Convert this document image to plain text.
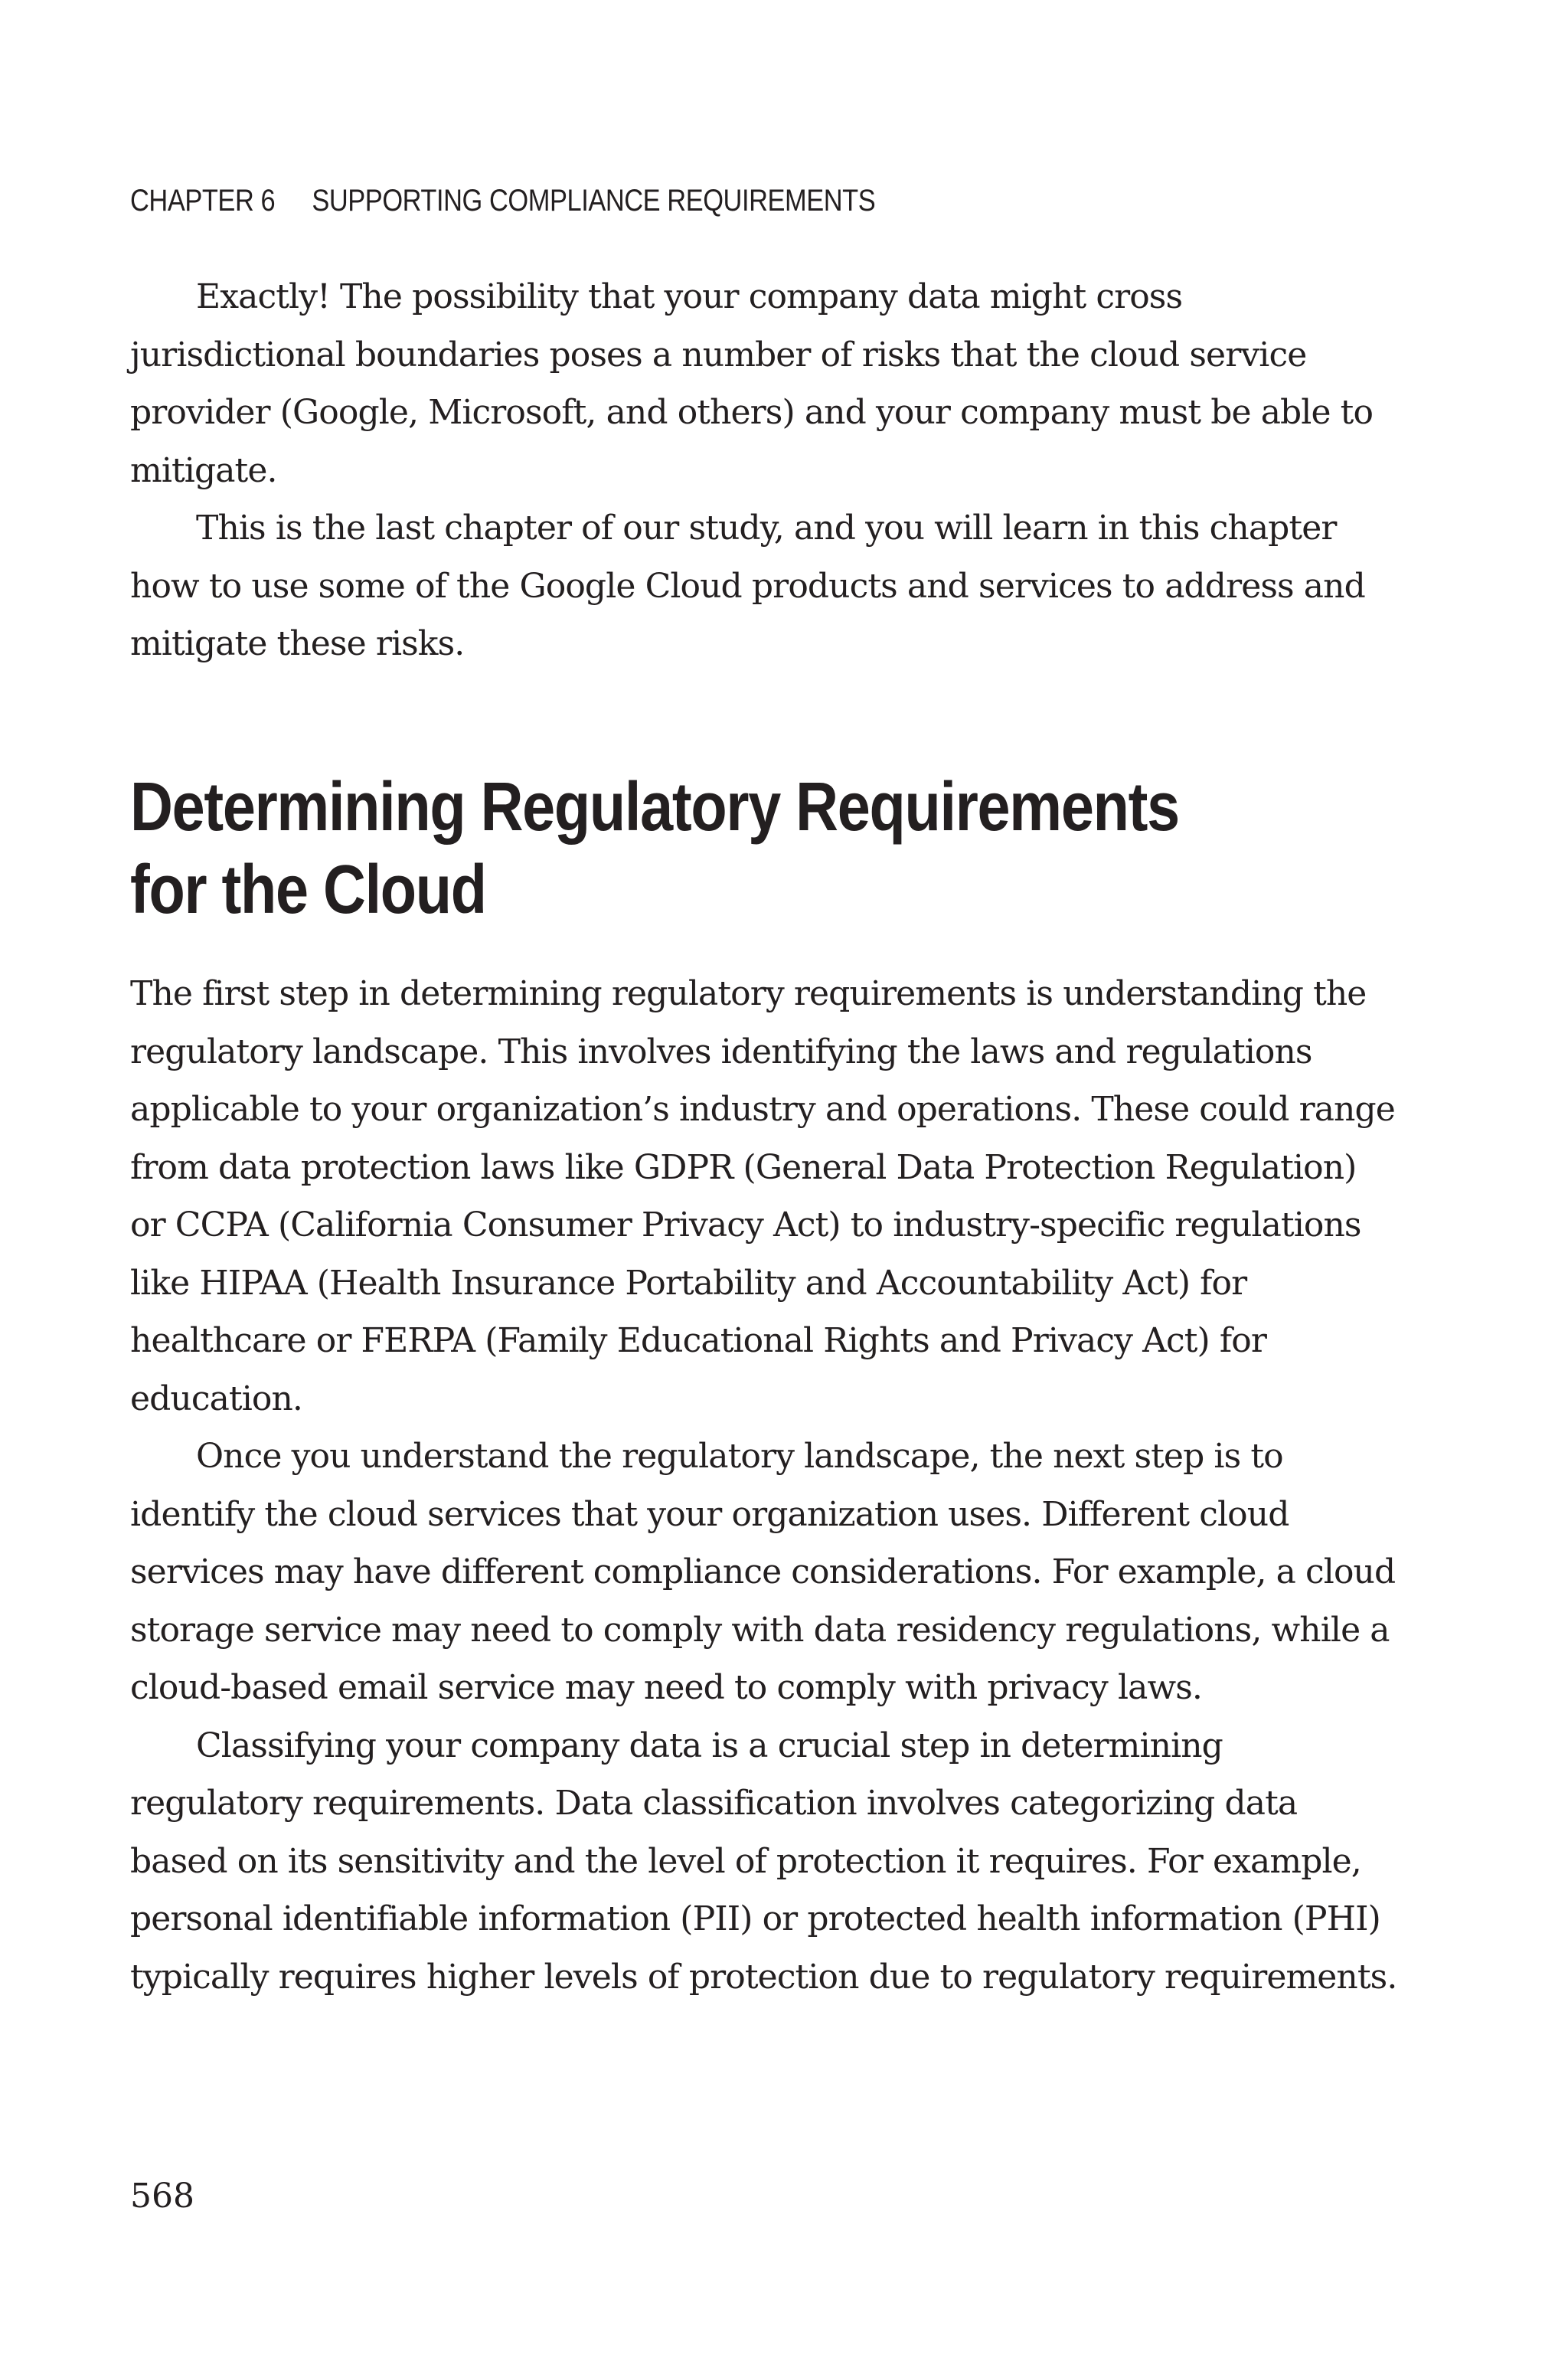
CHAPTER 6 SUPPORTING COMPLIANCE REQUIREMENTS

Exactly! The possibility that your company data might cross jurisdictional boundaries poses a number of risks that the cloud service provider (Google, Microsoft, and others) and your company must be able to mitigate.

This is the last chapter of our study, and you will learn in this chapter how to use some of the Google Cloud products and services to address and mitigate these risks.

Determining Regulatory Requirements
for the Cloud

The first step in determining regulatory requirements is understanding the regulatory landscape. This involves identifying the laws and regulations applicable to your organization’s industry and operations. These could range from data protection laws like GDPR (General Data Protection Regulation) or CCPA (California Consumer Privacy Act) to industry-specific regulations like HIPAA (Health Insurance Portability and Accountability Act) for healthcare or FERPA (Family Educational Rights and Privacy Act) for education.

Once you understand the regulatory landscape, the next step is to identify the cloud services that your organization uses. Different cloud services may have different compliance considerations. For example, a cloud storage service may need to comply with data residency regulations, while a cloud-based email service may need to comply with privacy laws.

Classifying your company data is a crucial step in determining regulatory requirements. Data classification involves categorizing data based on its sensitivity and the level of protection it requires. For example, personal identifiable information (PII) or protected health information (PHI) typically requires higher levels of protection due to regulatory requirements.

568
